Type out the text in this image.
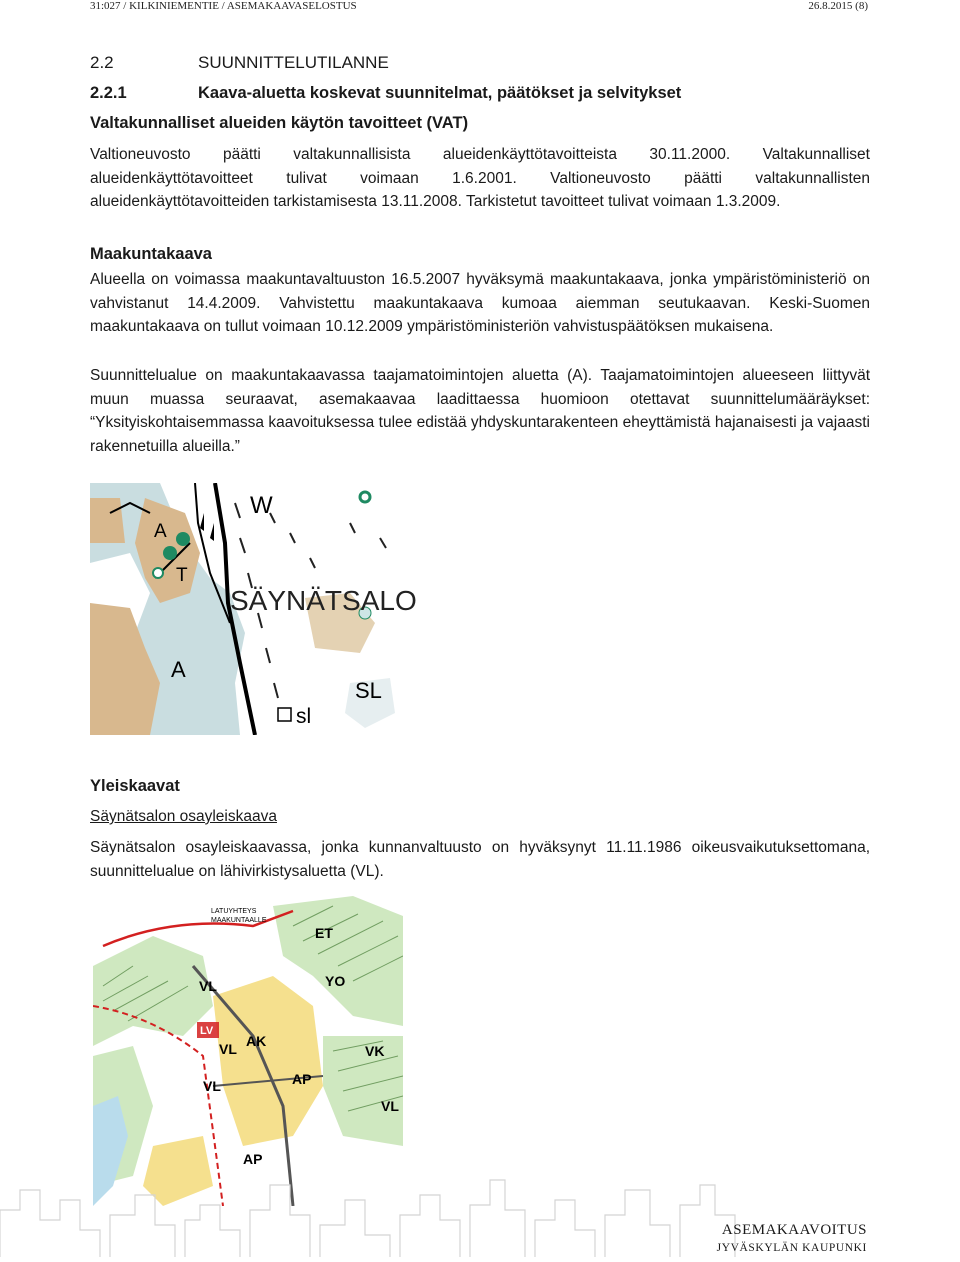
31:027 / KILKINIEMENTIE / ASEMAKAAVASELOSTUS	26.8.2015 (8)
2.2	SUUNNITTELUTILANNE
2.2.1	Kaava-aluetta koskevat suunnitelmat, päätökset ja selvitykset
Valtakunnalliset alueiden käytön tavoitteet (VAT)
Valtioneuvosto päätti valtakunnallisista alueidenkäyttötavoitteista 30.11.2000. Valtakunnalliset alueidenkäyttötavoitteet tulivat voimaan 1.6.2001. Valtioneuvosto päätti valtakunnallisten alueidenkäyttötavoitteiden tarkistamisesta 13.11.2008. Tarkistetut tavoitteet tulivat voimaan 1.3.2009.
Maakuntakaava
Alueella on voimassa maakuntavaltuuston 16.5.2007 hyväksymä maakuntakaava, jonka ympäristöministeriö on vahvistanut 14.4.2009. Vahvistettu maakuntakaava kumoaa aiemman seutukaavan. Keski-Suomen maakuntakaava on tullut voimaan 10.12.2009 ympäristöministeriön vahvistuspäätöksen mukaisena.
Suunnittelualue on maakuntakaavassa taajamatoimintojen aluetta (A). Taajamatoimintojen alueeseen liittyvät muun muassa seuraavat, asemakaavaa laadittaessa huomioon otettavat suunnittelumääräykset: “Yksityiskohtaisemmassa kaavoituksessa tulee edistää yhdyskuntarakenteen eheyttämistä hajanaisesti ja vajaasti rakennetuilla alueilla.”
A
T
W
SÄYNÄTSALO
A
SL
sl
Yleiskaavat
Säynätsalon osayleiskaava
Säynätsalon osayleiskaavassa, jonka kunnanvaltuusto on hyväksynyt 11.11.1986 oikeusvaikutuksettomana, suunnittelualue on lähivirkistysaluetta (VL).
LATUYHTEYS
MAAKUNTAALLE
ET
YO
VL
LV
VL AK
VK
AP
VL
VL
AP
ASEMAKAAVOITUS
JYVÄSKYLÄN KAUPUNKI
